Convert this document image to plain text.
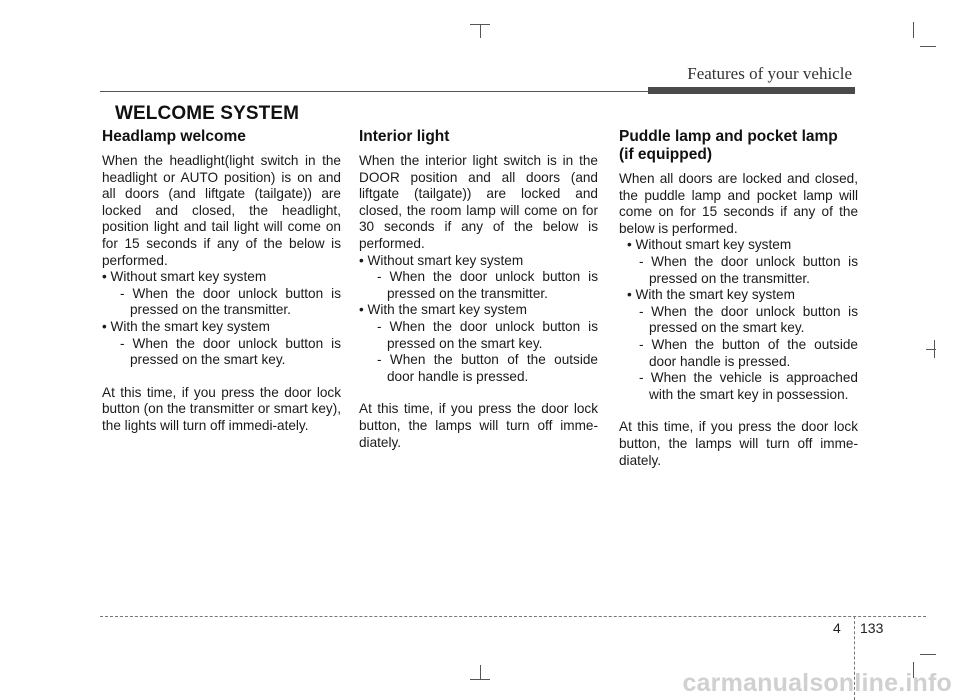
Features of your vehicle
WELCOME SYSTEM
Headlamp welcome

When the headlight(light switch in the headlight or AUTO position) is on and all doors (and liftgate (tailgate)) are locked and closed, the headlight, position light and tail light will come on for 15 seconds if any of the below is performed.

• Without smart key system
- When the door unlock button is pressed on the transmitter.
• With the smart key system
- When the door unlock button is pressed on the smart key.

At this time, if you press the door lock button (on the transmitter or smart key), the lights will turn off immedi-ately.

Interior light

When the interior light switch is in the DOOR position and all doors (and liftgate (tailgate)) are locked and closed, the room lamp will come on for 30 seconds if any of the below is performed.

• Without smart key system
- When the door unlock button is pressed on the transmitter.
• With the smart key system
- When the door unlock button is pressed on the smart key.
- When the button of the outside door handle is pressed.

At this time, if you press the door lock button, the lamps will turn off imme-diately.

Puddle lamp and pocket lamp
(if equipped)

When all doors are locked and closed, the puddle lamp and pocket lamp will come on for 15 seconds if any of the below is performed.

• Without smart key system
- When the door unlock button is pressed on the transmitter.
• With the smart key system
- When the door unlock button is pressed on the smart key.
- When the button of the outside door handle is pressed.
- When the vehicle is approached with the smart key in possession.

At this time, if you press the door lock button, the lamps will turn off imme-diately.

4 133
carmanualsonline.info
